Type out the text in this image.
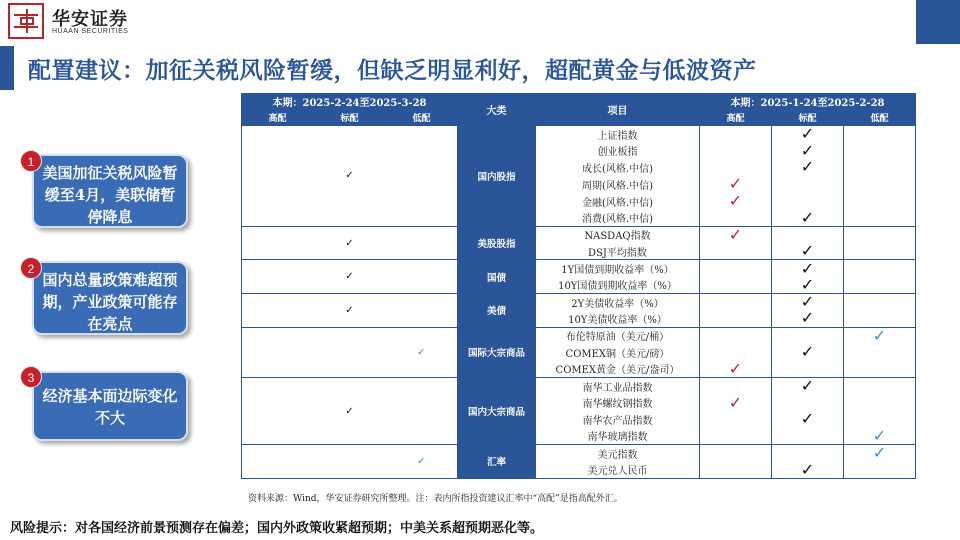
华安证券
HUAAN SECURITIES
配置建议：加征关税风险暂缓，但缺乏明显利好，超配黄金与低波资产
1
美国加征关税风险暂缓至4月，美联储暂停降息
2
国内总量政策难超预期，产业政策可能存在亮点
3
经济基本面边际变化不大
本期：2025-2-24至2025-3-28			大类	项目	本期：2025-1-24至2025-2-28		
高配	标配	低配			高配	标配	低配
	✓		国内股指	上证指数		✓	
				创业板指		✓	
				成长(风格.中信)		✓	
				周期(风格.中信)	✓		
				金融(风格.中信)	✓		
				消费(风格.中信)		✓	
	✓		美股股指	NASDAQ指数	✓		
				DSJ平均指数		✓	
	✓		国债	1Y国债到期收益率（%）		✓	
				10Y国债到期收益率（%）		✓	
	✓		美债	2Y美债收益率（%）		✓	
				10Y美债收益率（%）		✓	
		✓	国际大宗商品	布伦特原油（美元/桶）			✓
				COMEX铜（美元/磅）		✓	
				COMEX黄金（美元/盎司）	✓		
	✓		国内大宗商品	南华工业品指数		✓	
				南华螺纹钢指数	✓		
				南华农产品指数		✓	
				南华玻璃指数			✓
		✓	汇率	美元指数			✓
				美元兑人民币		✓	
资料来源：Wind，华安证券研究所整理。注：表内所指投资建议汇率中“高配”是指高配外汇。
风险提示：对各国经济前景预测存在偏差；国内外政策收紧超预期；中美关系超预期恶化等。
